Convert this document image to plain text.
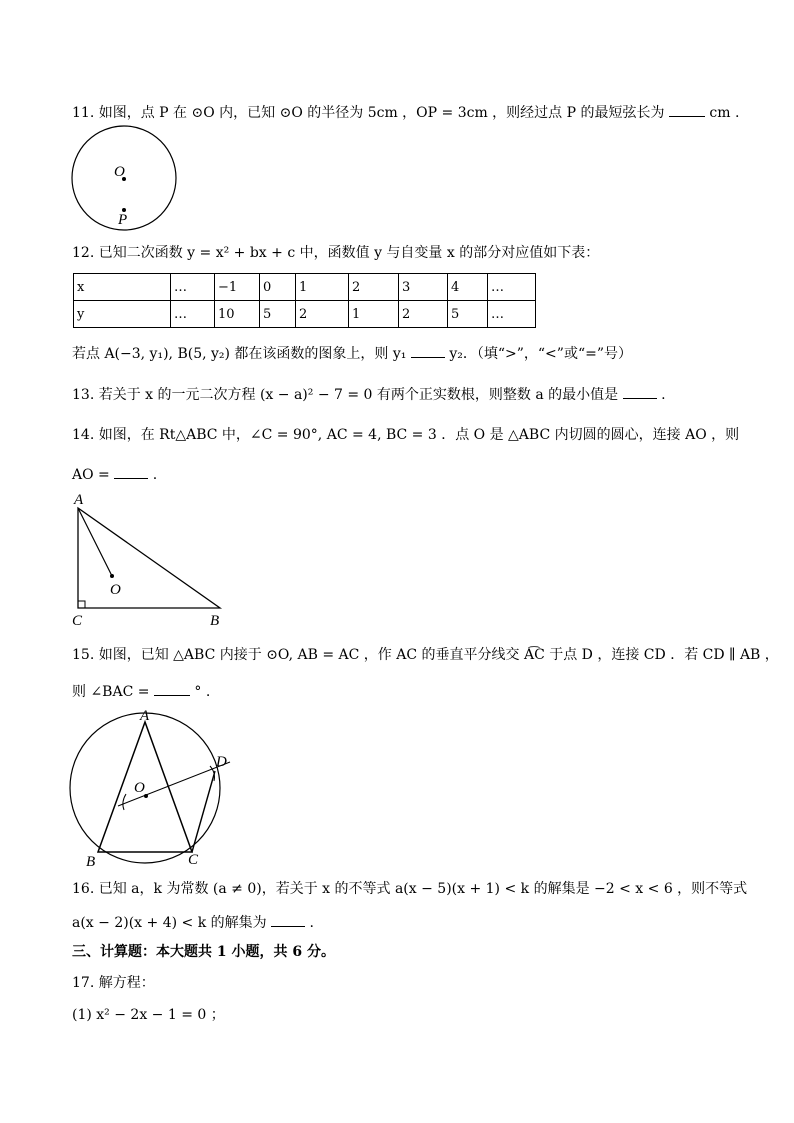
11. 如图，点 P 在 ⊙O 内，已知 ⊙O 的半径为 5cm ，OP = 3cm ，则经过点 P 的最短弦长为	cm .
O
P
12. 已知二次函数 y = x² + bx + c 中，函数值 y 与自变量 x 的部分对应值如下表：
x	…	−1	0	1	2	3	4	…
y	…	10	5	2	1	2	5	…
若点 A(−3, y₁), B(5, y₂) 都在该函数的图象上，则 y₁	y₂．（填“>”，“<”或“=”号）
13. 若关于 x 的一元二次方程 (x − a)² − 7 = 0 有两个正实数根，则整数 a 的最小值是	.
14. 如图，在 Rt△ABC 中，∠C = 90°, AC = 4, BC = 3 ．点 O 是 △ABC 内切圆的圆心，连接 AO ，则
AO =	.
A
O
C	B
15. 如图，已知 △ABC 内接于 ⊙O, AB = AC ，作 AC 的垂直平分线交 A͡C 于点 D ，连接 CD ．若 CD ∥ AB ，
则 ∠BAC =	° .
A
O
D
B	C
16. 已知 a，k 为常数 (a ≠ 0)，若关于 x 的不等式 a(x − 5)(x + 1) < k 的解集是 −2 < x < 6 ，则不等式
a(x − 2)(x + 4) < k 的解集为	.
三、计算题：本大题共 1 小题，共 6 分。
17. 解方程：
(1) x² − 2x − 1 = 0 ；
